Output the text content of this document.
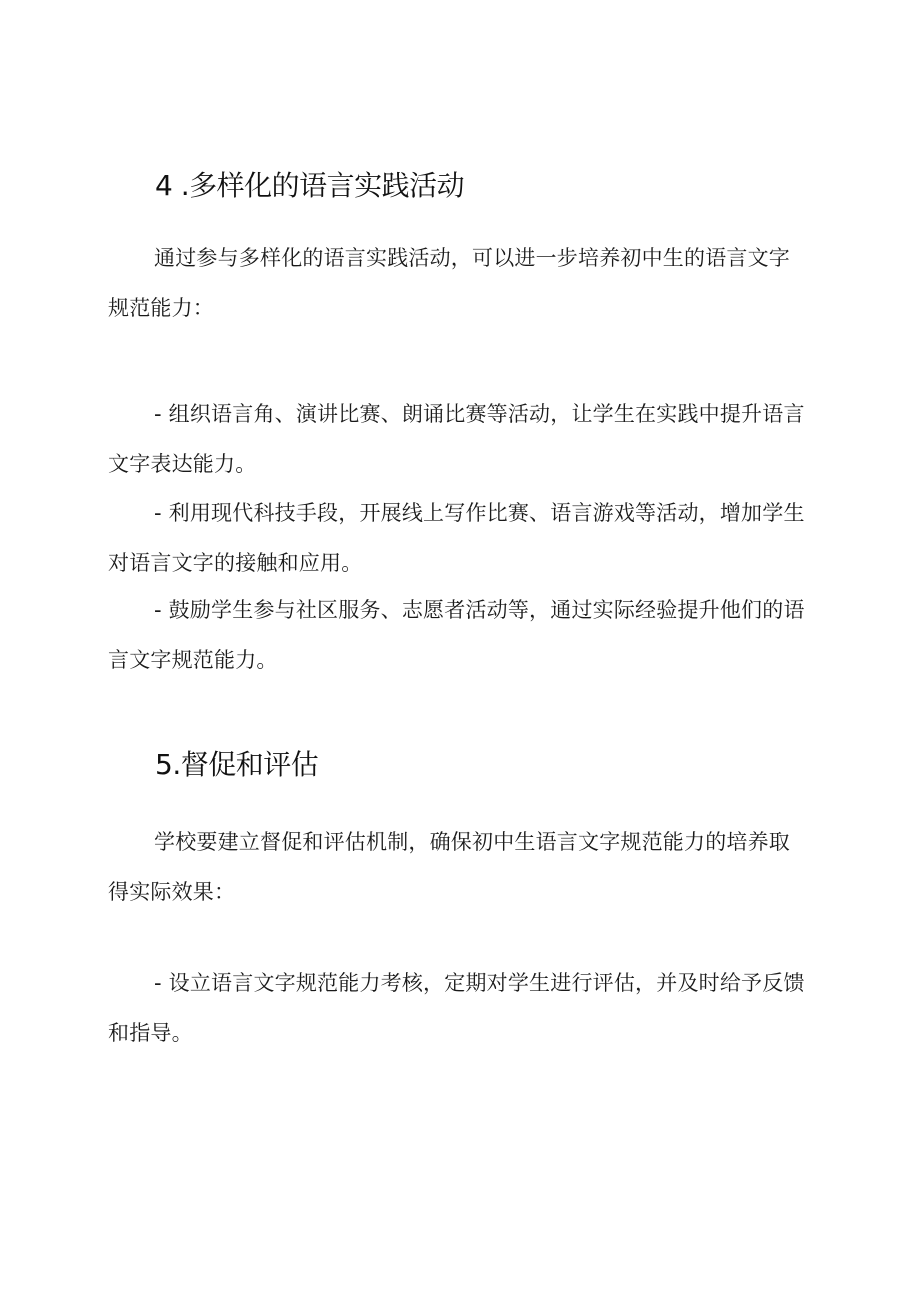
4 .多样化的语言实践活动

通过参与多样化的语言实践活动，可以进一步培养初中生的语言文字规范能力：

- 组织语言角、演讲比赛、朗诵比赛等活动，让学生在实践中提升语言文字表达能力。

- 利用现代科技手段，开展线上写作比赛、语言游戏等活动，增加学生对语言文字的接触和应用。

- 鼓励学生参与社区服务、志愿者活动等，通过实际经验提升他们的语言文字规范能力。

5.督促和评估

学校要建立督促和评估机制，确保初中生语言文字规范能力的培养取得实际效果：

- 设立语言文字规范能力考核，定期对学生进行评估，并及时给予反馈和指导。
